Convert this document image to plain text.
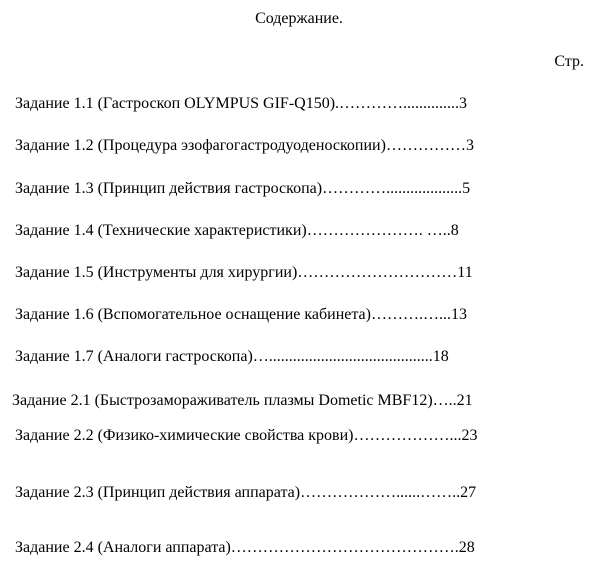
Содержание.
Стр.
Задание 1.1 (Гастроскоп OLYMPUS GIF-Q150).…………..............3
Задание 1.2 (Процедура эзофагогастродуоденоскопии)……………3
Задание 1.3 (Принцип действия гастроскопа)…………...................5
Задание 1.4 (Технические характеристики)…………………. …..8
Задание 1.5 (Инструменты для хирургии)…………………………11
Задание 1.6 (Вспомогательное оснащение кабинета)……….…...13
Задание 1.7 (Аналоги гастроскопа)….........................................18
Задание 2.1 (Быстрозамораживатель плазмы Dometic MBF12)…..21
Задание 2.2 (Физико-химические свойства крови)………………...23
Задание 2.3 (Принцип действия аппарата)………………......……..27
Задание 2.4 (Аналоги аппарата)…………………………………….28
